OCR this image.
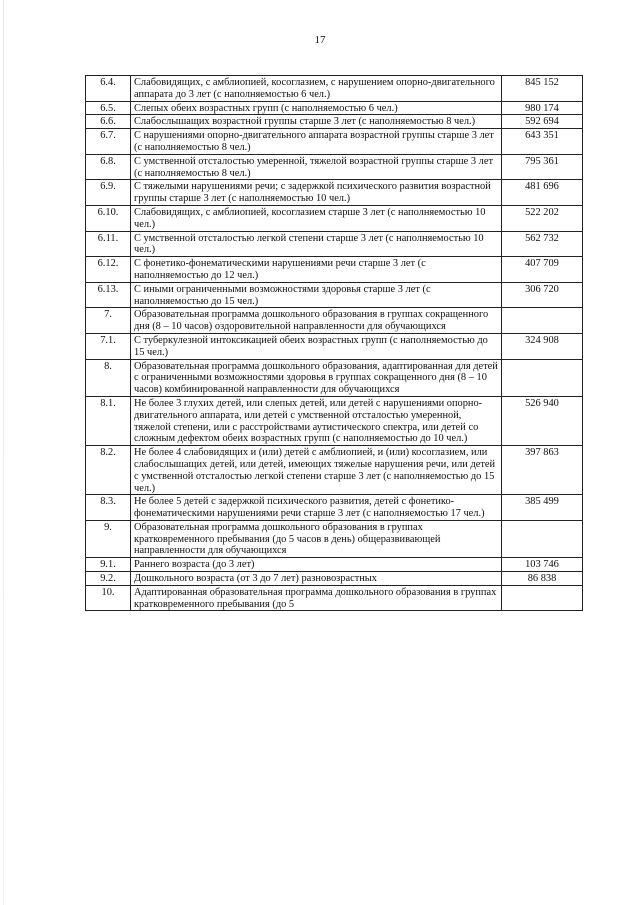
17
6.4.	Слабовидящих, с амблиопией, косоглазием, с нарушением опорно-двигательного аппарата до 3 лет (с наполняемостью 6 чел.)	845 152
6.5.	Слепых обеих возрастных групп (с наполняемостью 6 чел.)	980 174
6.6.	Слабослышащих возрастной группы старше 3 лет (с наполняемостью 8 чел.)	592 694
6.7.	С нарушениями опорно-двигательного аппарата возрастной группы старше 3 лет (с наполняемостью 8 чел.)	643 351
6.8.	С умственной отсталостью умеренной, тяжелой возрастной группы старше 3 лет (с наполняемостью 8 чел.)	795 361
6.9.	С тяжелыми нарушениями речи; с задержкой психического развития возрастной группы старше 3 лет (с наполняемостью 10 чел.)	481 696
6.10.	Слабовидящих, с амблиопией, косоглазием старше 3 лет (с наполняемостью 10 чел.)	522 202
6.11.	С умственной отсталостью легкой степени старше 3 лет (с наполняемостью 10 чел.)	562 732
6.12.	С фонетико-фонематическими нарушениями речи старше 3 лет (с наполняемостью до 12 чел.)	407 709
6.13.	С иными ограниченными возможностями здоровья старше 3 лет (с наполняемостью до 15 чел.)	306 720
7.	Образовательная программа дошкольного образования в группах сокращенного дня (8 – 10 часов) оздоровительной направленности для обучающихся	
7.1.	С туберкулезной интоксикацией обеих возрастных групп (с наполняемостью до 15 чел.)	324 908
8.	Образовательная программа дошкольного образования, адаптированная для детей с ограниченными возможностями здоровья в группах сокращенного дня (8 – 10 часов) комбинированной направленности для обучающихся	
8.1.	Не более 3 глухих детей, или слепых детей, или детей с нарушениями опорно-двигательного аппарата, или детей с умственной отсталостью умеренной, тяжелой степени, или с расстройствами аутистического спектра, или детей со сложным дефектом обеих возрастных групп (с наполняемостью до 10 чел.)	526 940
8.2.	Не более 4 слабовидящих и (или) детей с амблиопией, и (или) косоглазием, или слабослышащих детей, или детей, имеющих тяжелые нарушения речи, или детей с умственной отсталостью легкой степени старше 3 лет (с наполняемостью до 15 чел.)	397 863
8.3.	Не более 5 детей с задержкой психического развития, детей с фонетико-фонематическими нарушениями речи старше 3 лет (с наполняемостью 17 чел.)	385 499
9.	Образовательная программа дошкольного образования в группах кратковременного пребывания (до 5 часов в день) общеразвивающей направленности для обучающихся	
9.1.	Раннего возраста (до 3 лет)	103 746
9.2.	Дошкольного возраста (от 3 до 7 лет) разновозрастных	86 838
10.	Адаптированная образовательная программа дошкольного образования в группах кратковременного пребывания (до 5	
